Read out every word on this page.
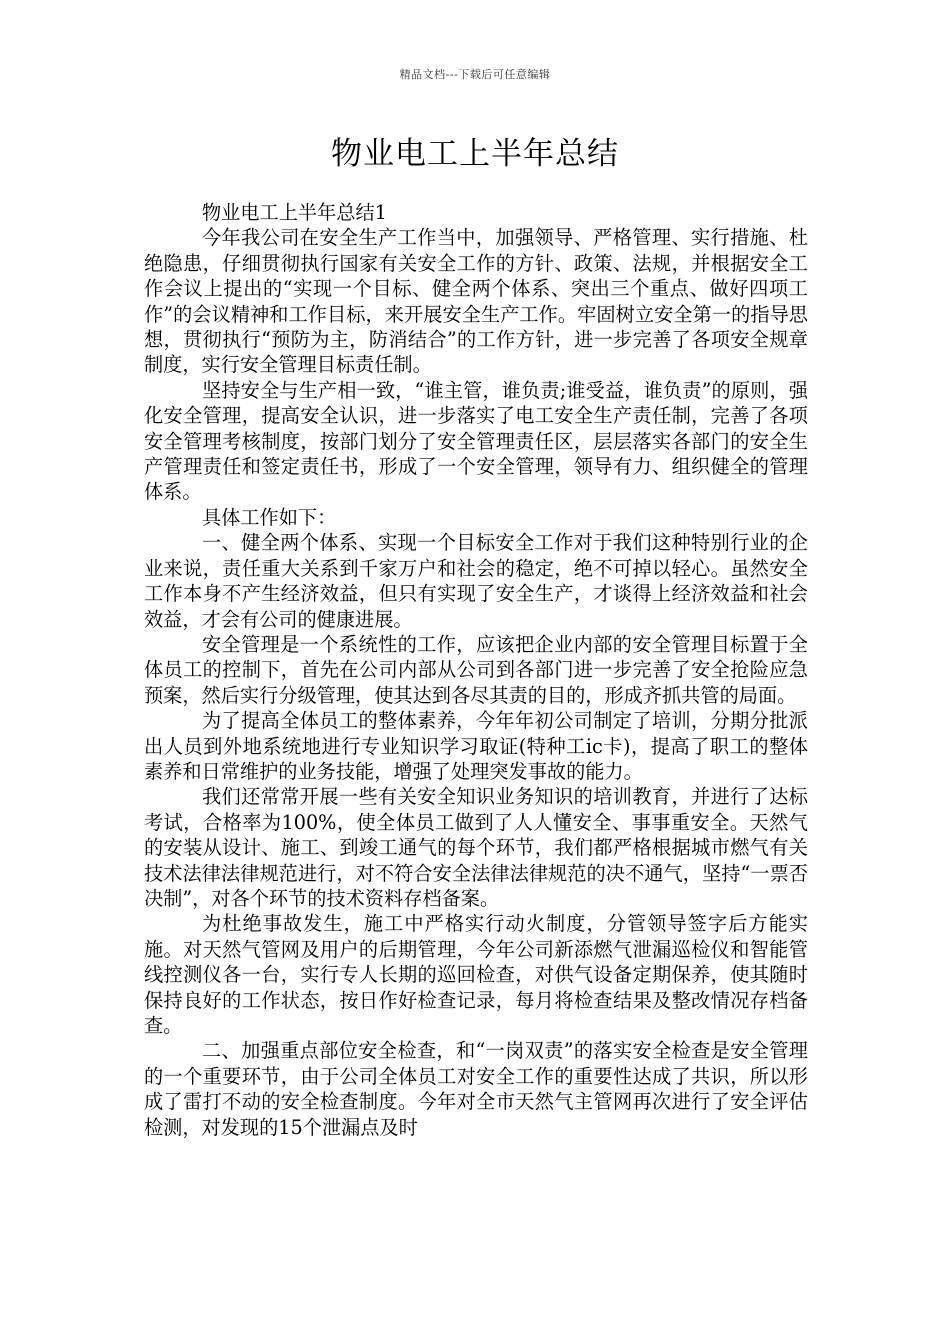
精品文档---下载后可任意编辑
物业电工上半年总结

物业电工上半年总结1

今年我公司在安全生产工作当中，加强领导、严格管理、实行措施、杜绝隐患，仔细贯彻执行国家有关安全工作的方针、政策、法规，并根据安全工作会议上提出的“实现一个目标、健全两个体系、突出三个重点、做好四项工作”的会议精神和工作目标，来开展安全生产工作。牢固树立安全第一的指导思想，贯彻执行“预防为主，防消结合”的工作方针，进一步完善了各项安全规章制度，实行安全管理目标责任制。

坚持安全与生产相一致，“谁主管，谁负责;谁受益，谁负责”的原则，强化安全管理，提高安全认识，进一步落实了电工安全生产责任制，完善了各项安全管理考核制度，按部门划分了安全管理责任区，层层落实各部门的安全生产管理责任和签定责任书，形成了一个安全管理，领导有力、组织健全的管理体系。

具体工作如下：

一、健全两个体系、实现一个目标安全工作对于我们这种特别行业的企业来说，责任重大关系到千家万户和社会的稳定，绝不可掉以轻心。虽然安全工作本身不产生经济效益，但只有实现了安全生产，才谈得上经济效益和社会效益，才会有公司的健康进展。

安全管理是一个系统性的工作，应该把企业内部的安全管理目标置于全体员工的控制下，首先在公司内部从公司到各部门进一步完善了安全抢险应急预案，然后实行分级管理，使其达到各尽其责的目的，形成齐抓共管的局面。

为了提高全体员工的整体素养，今年年初公司制定了培训，分期分批派出人员到外地系统地进行专业知识学习取证(特种工ic卡)，提高了职工的整体素养和日常维护的业务技能，增强了处理突发事故的能力。

我们还常常开展一些有关安全知识业务知识的培训教育，并进行了达标考试，合格率为100%，使全体员工做到了人人懂安全、事事重安全。天然气的安装从设计、施工、到竣工通气的每个环节，我们都严格根据城市燃气有关技术法律法律规范进行，对不符合安全法律法律规范的决不通气，坚持“一票否决制”，对各个环节的技术资料存档备案。

为杜绝事故发生，施工中严格实行动火制度，分管领导签字后方能实施。对天然气管网及用户的后期管理，今年公司新添燃气泄漏巡检仪和智能管线控测仪各一台，实行专人长期的巡回检查，对供气设备定期保养，使其随时保持良好的工作状态，按日作好检查记录，每月将检查结果及整改情况存档备查。

二、加强重点部位安全检查，和“一岗双责”的落实安全检查是安全管理的一个重要环节，由于公司全体员工对安全工作的重要性达成了共识，所以形成了雷打不动的安全检查制度。今年对全市天然气主管网再次进行了安全评估检测，对发现的15个泄漏点及时
